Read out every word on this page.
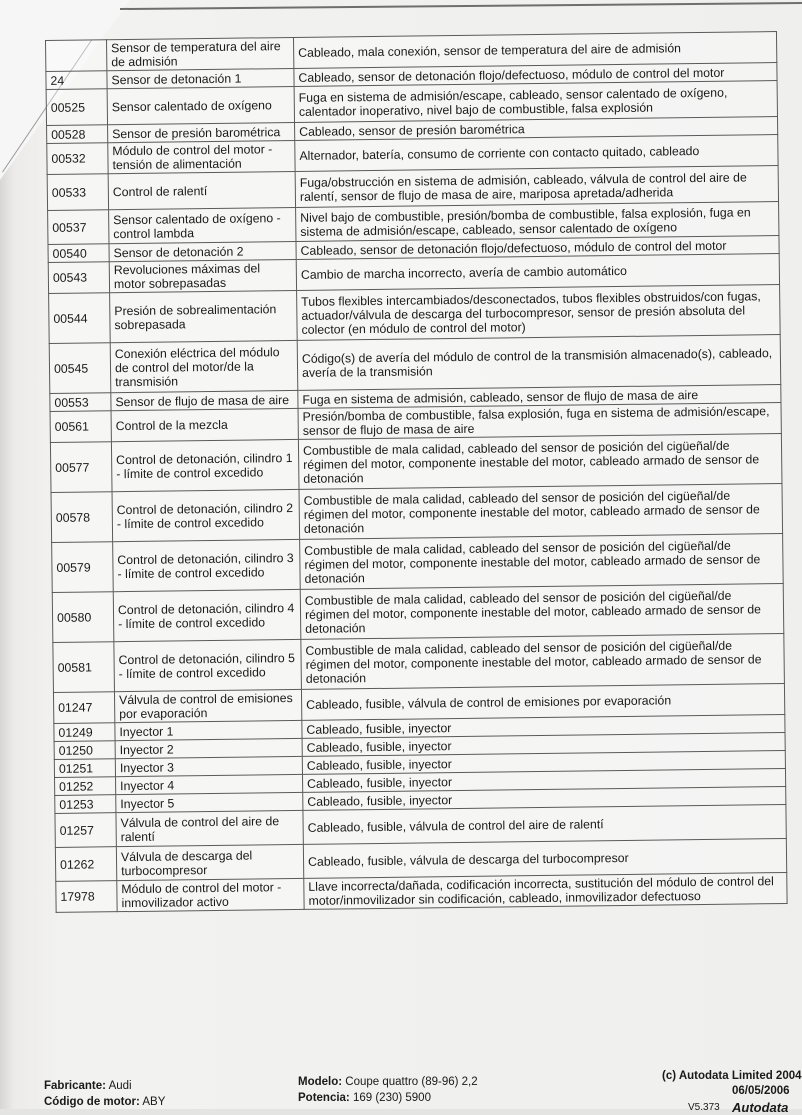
	Sensor de temperatura del aire de admisión	Cableado, mala conexión, sensor de temperatura del aire de admisión
24	Sensor de detonación 1	Cableado, sensor de detonación flojo/defectuoso, módulo de control del motor
00525	Sensor calentado de oxígeno	Fuga en sistema de admisión/escape, cableado, sensor calentado de oxígeno, calentador inoperativo, nivel bajo de combustible, falsa explosión
00528	Sensor de presión barométrica	Cableado, sensor de presión barométrica
00532	Módulo de control del motor - tensión de alimentación	Alternador, batería, consumo de corriente con contacto quitado, cableado
00533	Control de ralentí	Fuga/obstrucción en sistema de admisión, cableado, válvula de control del aire de ralentí, sensor de flujo de masa de aire, mariposa apretada/adherida
00537	Sensor calentado de oxígeno - control lambda	Nivel bajo de combustible, presión/bomba de combustible, falsa explosión, fuga en sistema de admisión/escape, cableado, sensor calentado de oxígeno
00540	Sensor de detonación 2	Cableado, sensor de detonación flojo/defectuoso, módulo de control del motor
00543	Revoluciones máximas del motor sobrepasadas	Cambio de marcha incorrecto, avería de cambio automático
00544	Presión de sobrealimentación sobrepasada	Tubos flexibles intercambiados/desconectados, tubos flexibles obstruidos/con fugas, actuador/válvula de descarga del turbocompresor, sensor de presión absoluta del colector (en módulo de control del motor)
00545	Conexión eléctrica del módulo de control del motor/de la transmisión	Código(s) de avería del módulo de control de la transmisión almacenado(s), cableado, avería de la transmisión
00553	Sensor de flujo de masa de aire	Fuga en sistema de admisión, cableado, sensor de flujo de masa de aire
00561	Control de la mezcla	Presión/bomba de combustible, falsa explosión, fuga en sistema de admisión/escape, sensor de flujo de masa de aire
00577	Control de detonación, cilindro 1 - límite de control excedido	Combustible de mala calidad, cableado del sensor de posición del cigüeñal/de régimen del motor, componente inestable del motor, cableado armado de sensor de detonación
00578	Control de detonación, cilindro 2 - límite de control excedido	Combustible de mala calidad, cableado del sensor de posición del cigüeñal/de régimen del motor, componente inestable del motor, cableado armado de sensor de detonación
00579	Control de detonación, cilindro 3 - límite de control excedido	Combustible de mala calidad, cableado del sensor de posición del cigüeñal/de régimen del motor, componente inestable del motor, cableado armado de sensor de detonación
00580	Control de detonación, cilindro 4 - límite de control excedido	Combustible de mala calidad, cableado del sensor de posición del cigüeñal/de régimen del motor, componente inestable del motor, cableado armado de sensor de detonación
00581	Control de detonación, cilindro 5 - límite de control excedido	Combustible de mala calidad, cableado del sensor de posición del cigüeñal/de régimen del motor, componente inestable del motor, cableado armado de sensor de detonación
01247	Válvula de control de emisiones por evaporación	Cableado, fusible, válvula de control de emisiones por evaporación
01249	Inyector 1	Cableado, fusible, inyector
01250	Inyector 2	Cableado, fusible, inyector
01251	Inyector 3	Cableado, fusible, inyector
01252	Inyector 4	Cableado, fusible, inyector
01253	Inyector 5	Cableado, fusible, inyector
01257	Válvula de control del aire de ralentí	Cableado, fusible, válvula de control del aire de ralentí
01262	Válvula de descarga del turbocompresor	Cableado, fusible, válvula de descarga del turbocompresor
17978	Módulo de control del motor - inmovilizador activo	Llave incorrecta/dañada, codificación incorrecta, sustitución del módulo de control del motor/inmovilizador sin codificación, cableado, inmovilizador defectuoso
Fabricante: Audi
Código de motor: ABY
Modelo: Coupe quattro (89-96) 2,2
Potencia: 169 (230) 5900
(c) Autodata Limited 2004
06/05/2006
V5.373 Autodata
